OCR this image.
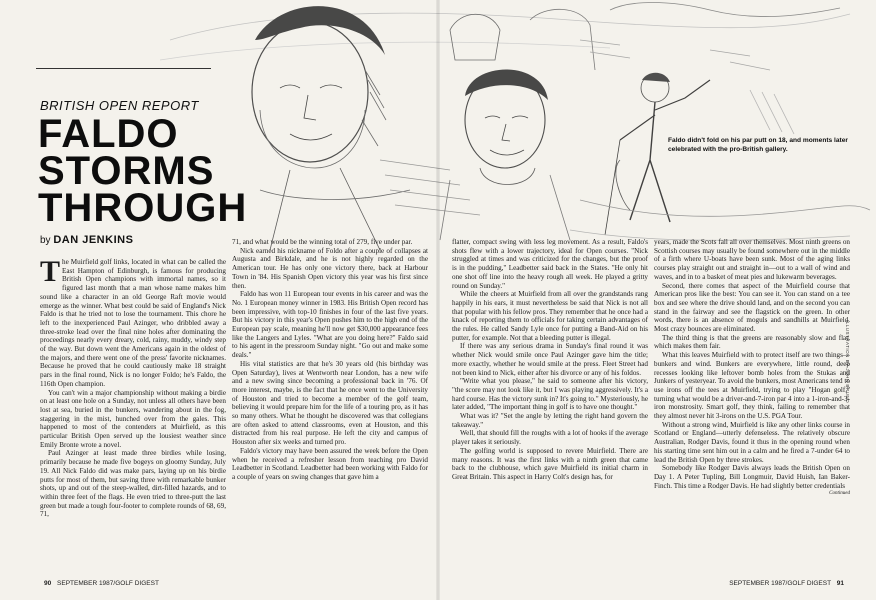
BRITISH OPEN REPORT
FALDO
STORMS
THROUGH
by DAN JENKINS
Faldo didn't fold on his par putt on 18, and moments later celebrated with the pro-British gallery.
ILLUSTRATION BY JOHN BRUNO

The Muirfield golf links, located in what can be called the East Hampton of Edinburgh, is famous for producing British Open champions with immortal names, so it figured last month that a man whose name makes him sound like a character in an old George Raft movie would emerge as the winner. What best could be said of England's Nick Faldo is that he tried not to lose the tournament. This chore he left to the inexperienced Paul Azinger, who dribbled away a three-stroke lead over the final nine holes after dominating the proceedings nearly every dreary, cold, rainy, muddy, windy step of the way. But down went the Americans again in the oldest of the majors, and there went one of the press' favorite nicknames. Because he proved that he could cautiously make 18 straight pars in the final round, Nick is no longer Foldo; he's Faldo, the 116th Open champion.

You can't win a major championship without making a birdie on at least one hole on a Sunday, not unless all others have been lost at sea, buried in the bunkers, wandering about in the fog, staggering in the mist, hunched over from the gales. This happened to most of the contenders at Muirfield, as this particular British Open served up the lousiest weather since Emily Bronte wrote a novel.

Paul Azinger at least made three birdies while losing, primarily because he made five bogeys on gloomy Sunday, July 19. All Nick Faldo did was make pars, laying up on his birdie putts for most of them, but saving three with remarkable bunker shots, up and out of the steep-walled, dirt-filled hazards, and to within three feet of the flags. He even tried to three-putt the last green but made a tough four-footer to complete rounds of 68, 69, 71,

71, and what would be the winning total of 279, five under par.

Nick earned his nickname of Foldo after a couple of collapses at Augusta and Birkdale, and he is not highly regarded on the American tour. He has only one victory there, back at Harbour Town in '84. His Spanish Open victory this year was his first since then.

Faldo has won 11 European tour events in his career and was the No. 1 European money winner in 1983. His British Open record has been impressive, with top-10 finishes in four of the last five years. But his victory in this year's Open pushes him to the high end of the European pay scale, meaning he'll now get $30,000 appearance fees like the Langers and Lyles. "What are you doing here?" Faldo said to his agent in the pressroom Sunday night. "Go out and make some deals."

His vital statistics are that he's 30 years old (his birthday was Open Saturday), lives at Wentworth near London, has a new wife and a new swing since becoming a professional back in '76. Of more interest, maybe, is the fact that he once went to the University of Houston and tried to become a member of the golf team, believing it would prepare him for the life of a touring pro, as it has so many others. What he thought he discovered was that collegians are often asked to attend classrooms, even at Houston, and this distracted from his real purpose. He left the city and campus of Houston after six weeks and turned pro.

Faldo's victory may have been assured the week before the Open when he received a refresher lesson from teaching pro David Leadbetter in Scotland. Leadbetter had been working with Faldo for a couple of years on swing changes that gave him a

flatter, compact swing with less leg movement. As a result, Faldo's shots flew with a lower trajectory, ideal for Open courses. "Nick struggled at times and was criticized for the changes, but the proof is in the pudding," Leadbetter said back in the States. "He only hit one shot off line into the heavy rough all week. He played a gritty round on Sunday."

While the cheers at Muirfield from all over the grandstands rang happily in his ears, it must nevertheless be said that Nick is not all that popular with his fellow pros. They remember that he once had a knack of reporting them to officials for taking certain advantages of the rules. He called Sandy Lyle once for putting a Band-Aid on his putter, for example. Not that a bleeding putter is illegal.

If there was any serious drama in Sunday's final round it was whether Nick would smile once Paul Azinger gave him the title; more exactly, whether he would smile at the press. Fleet Street had not been kind to Nick, either after his divorce or any of his foldos.

"Write what you please," he said to someone after his victory, "the score may not look like it, but I was playing aggressively. It's a hard course. Has the victory sunk in? It's going to." Mysteriously, he later added, "The important thing in golf is to have one thought."

What was it? "Set the angle by letting the right hand govern the takeaway."

Well, that should fill the roughs with a lot of hooks if the average player takes it seriously.

The golfing world is supposed to revere Muirfield. There are many reasons. It was the first links with a ninth green that came back to the clubhouse, which gave Muirfield its initial charm in Great Britain. This aspect in Harry Colt's design has, for

years, made the Scots fall all over themselves. Most ninth greens on Scottish courses may usually be found somewhere out in the middle of a firth where U-boats have been sunk. Most of the aging links courses play straight out and straight in—out to a wall of wind and waves, and in to a basket of meat pies and lukewarm beverages.

Second, there comes that aspect of the Muirfield course that American pros like the best: You can see it. You can stand on a tee box and see where the drive should land, and on the second you can stand in the fairway and see the flagstick on the green. In other words, there is an absence of moguls and sandhills at Muirfield. Most crazy bounces are eliminated.

The third thing is that the greens are reasonably slow and flat, which makes them fair.

What this leaves Muirfield with to protect itself are two things—bunkers and wind. Bunkers are everywhere, little round, deep recesses looking like leftover bomb holes from the Stukas and Junkers of yesteryear. To avoid the bunkers, most Americans tend to use irons off the tees at Muirfield, trying to play "Hogan golf," turning what would be a driver-and-7-iron par 4 into a 1-iron-and-3-iron monstrosity. Smart golf, they think, failing to remember that they almost never hit 3-irons on the U.S. PGA Tour.

Without a strong wind, Muirfield is like any other links course in Scotland or England—utterly defenseless. The relatively obscure Australian, Rodger Davis, found it thus in the opening round when his starting time sent him out in a calm and he fired a 7-under 64 to lead the British Open by three strokes.

Somebody like Rodger Davis always leads the British Open on Day 1. A Peter Tupling, Bill Longmuir, David Huish, Ian Baker-Finch. This time a Rodger Davis. He had slightly better credentials

Continued
90 SEPTEMBER 1987/GOLF DIGEST	SEPTEMBER 1987/GOLF DIGEST 91
